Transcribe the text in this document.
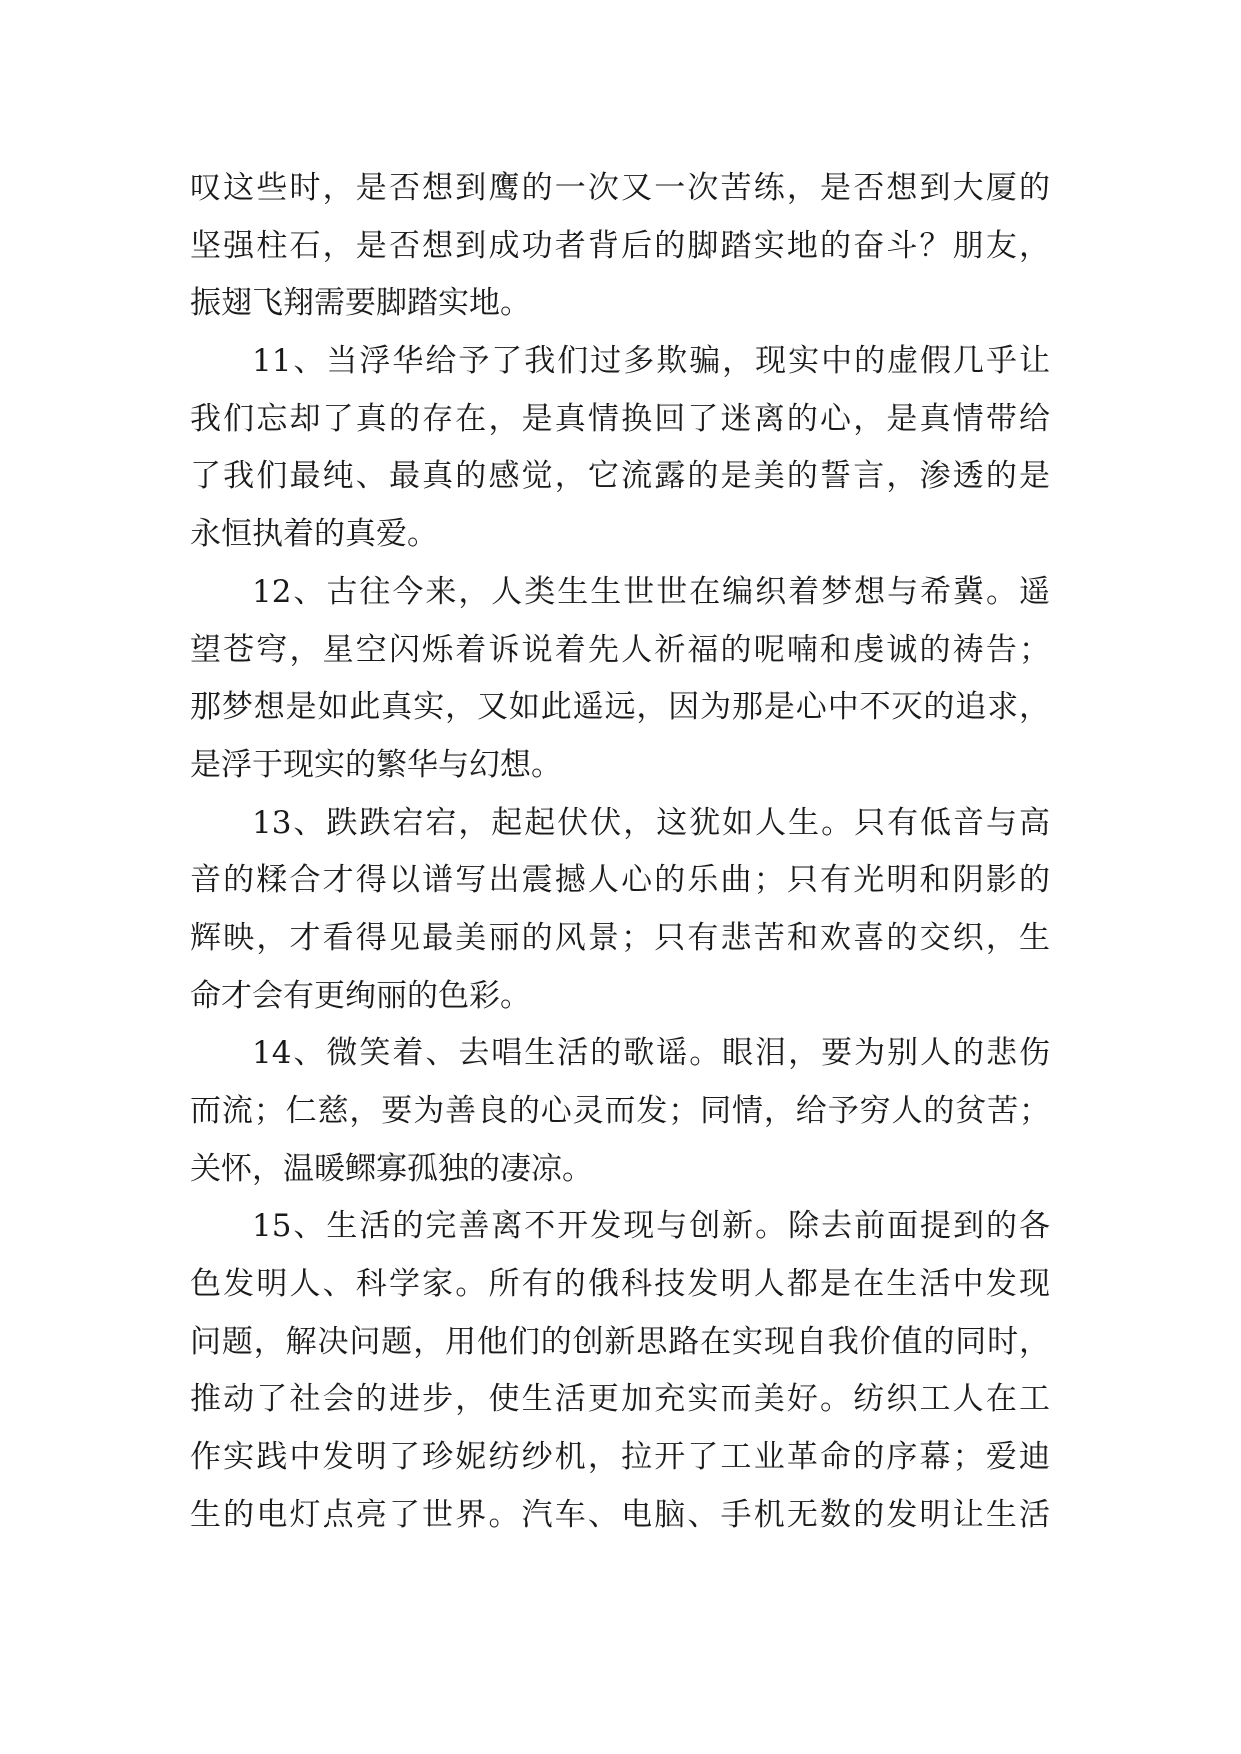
叹这些时，是否想到鹰的一次又一次苦练，是否想到大厦的
坚强柱石，是否想到成功者背后的脚踏实地的奋斗？朋友，
振翅飞翔需要脚踏实地。
11、当浮华给予了我们过多欺骗，现实中的虚假几乎让
我们忘却了真的存在，是真情换回了迷离的心，是真情带给
了我们最纯、最真的感觉，它流露的是美的誓言，渗透的是
永恒执着的真爱。
12、古往今来，人类生生世世在编织着梦想与希冀。遥
望苍穹，星空闪烁着诉说着先人祈福的呢喃和虔诚的祷告；
那梦想是如此真实，又如此遥远，因为那是心中不灭的追求，
是浮于现实的繁华与幻想。
13、跌跌宕宕，起起伏伏，这犹如人生。只有低音与高
音的糅合才得以谱写出震撼人心的乐曲；只有光明和阴影的
辉映，才看得见最美丽的风景；只有悲苦和欢喜的交织，生
命才会有更绚丽的色彩。
14、微笑着、去唱生活的歌谣。眼泪，要为别人的悲伤
而流；仁慈，要为善良的心灵而发；同情，给予穷人的贫苦；
关怀，温暖鳏寡孤独的凄凉。
15、生活的完善离不开发现与创新。除去前面提到的各
色发明人、科学家。所有的俄科技发明人都是在生活中发现
问题，解决问题，用他们的创新思路在实现自我价值的同时，
推动了社会的进步，使生活更加充实而美好。纺织工人在工
作实践中发明了珍妮纺纱机，拉开了工业革命的序幕；爱迪
生的电灯点亮了世界。汽车、电脑、手机无数的发明让生活
